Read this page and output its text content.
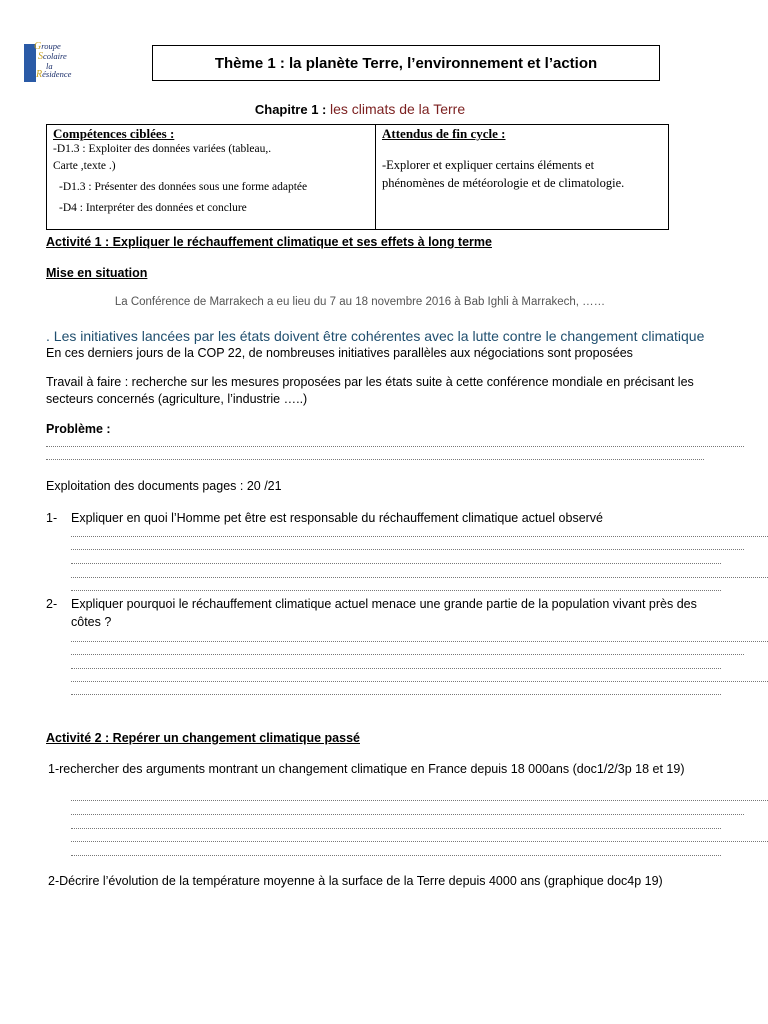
Groupe
Scolaire
la
Résidence
Thème 1 : la planète Terre, l’environnement et l’action
Chapitre 1 : les climats de la Terre
Compétences ciblées :
-D1.3 : Exploiter des données variées (tableau,.
Carte ,texte .)
-D1.3 : Présenter des données sous une forme adaptée
-D4 : Interpréter des données et conclure
Attendus de fin cycle :
-Explorer et expliquer certains éléments et
phénomènes de météorologie et de climatologie.
Activité 1 : Expliquer le réchauffement climatique et ses effets à long terme
Mise en situation
La Conférence de Marrakech a eu lieu du 7 au 18 novembre 2016 à Bab Ighli à Marrakech, ……
. Les initiatives lancées par les états doivent être cohérentes avec la lutte contre le changement climatique
En ces derniers jours de la COP 22, de nombreuses initiatives parallèles aux négociations sont proposées
Travail à faire : recherche sur les mesures proposées par les états suite à cette conférence mondiale en précisant les
secteurs concernés (agriculture, l’industrie …..)
Problème :
Exploitation des documents pages : 20 /21
1- Expliquer en quoi l’Homme pet être est responsable du réchauffement climatique actuel observé
2- Expliquer pourquoi le réchauffement climatique actuel menace une grande partie de la population vivant près des
côtes ?
Activité 2 : Repérer un changement climatique passé
1-rechercher des arguments montrant un changement climatique en France depuis 18 000ans (doc1/2/3p 18 et 19)
2-Décrire l’évolution de la température moyenne à la surface de la Terre depuis 4000 ans (graphique doc4p 19)
